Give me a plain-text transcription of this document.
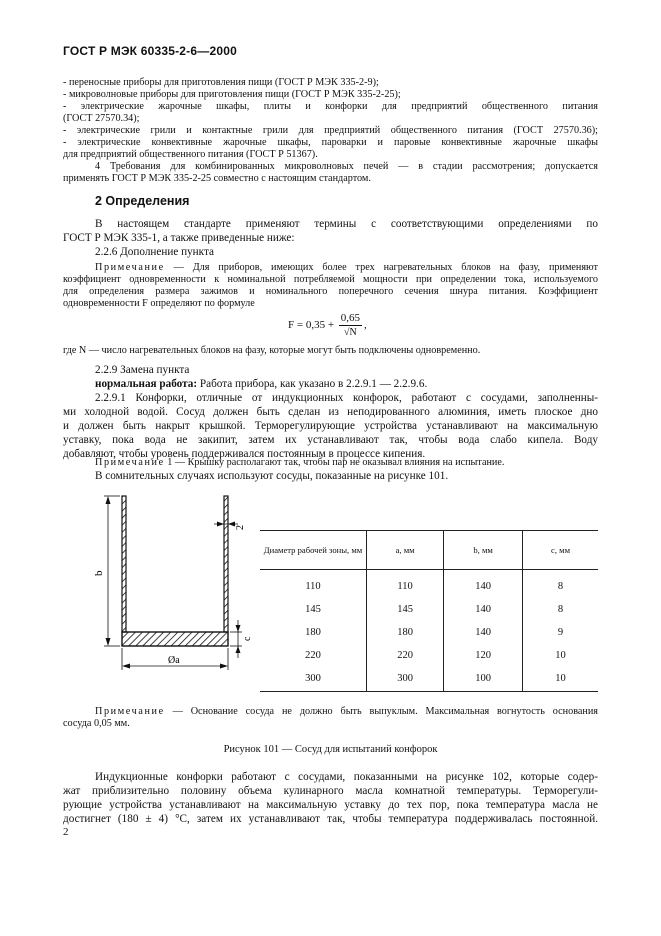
ГОСТ Р МЭК 60335-2-6—2000
- переносные приборы для приготовления пищи (ГОСТ Р МЭК 335-2-9);
- микроволновые приборы для приготовления пищи (ГОСТ Р МЭК 335-2-25);
- электрические жарочные шкафы, плиты и конфорки для предприятий общественного питания
(ГОСТ 27570.34);
- электрические грили и контактные грили для предприятий общественного питания (ГОСТ 27570.36);
- электрические конвективные жарочные шкафы, пароварки и паровые конвективные жарочные шкафы
для предприятий общественного питания (ГОСТ Р 51367).
4 Требования для комбинированных микроволновых печей — в стадии рассмотрения; допускается
применять ГОСТ Р МЭК 335-2-25 совместно с настоящим стандартом.
2 Определения
В настоящем стандарте применяют термины с соответствующими определениями по
ГОСТ Р МЭК 335-1, а также приведенные ниже:
2.2.6 Дополнение пункта
Примечание — Для приборов, имеющих более трех нагревательных блоков на фазу, применяют
коэффициент одновременности к номинальной потребляемой мощности при определении тока, используемого
для определения размера зажимов и номинального поперечного сечения шнура питания. Коэффициент
одновременности F определяют по формуле
$F = 0,35 + \frac{0,65}{√N}$ ,
где N — число нагревательных блоков на фазу, которые могут быть подключены одновременно.
2.2.9 Замена пункта
нормальная работа: Работа прибора, как указано в 2.2.9.1 — 2.2.9.6.
2.2.9.1 Конфорки, отличные от индукционных конфорок, работают с сосудами, заполненны-
ми холодной водой. Сосуд должен быть сделан из неподированного алюминия, иметь плоское дно
и должен быть накрыт крышкой. Терморегулирующие устройства устанавливают на максимальную
уставку, пока вода не закипит, затем их устанавливают так, чтобы вода слабо кипела. Воду
добавляют, чтобы уровень поддерживался постоянным в процессе кипения.
Примечание 1 — Крышку располагают так, чтобы пар не оказывал влияния на испытание.
В сомнительных случаях используют сосуды, показанные на рисунке 101.
b
2
c
Øa
Диаметр рабочей зоны, мм	a, мм	b, мм	c, мм
110	110	140	8
145	145	140	8
180	180	140	9
220	220	120	10
300	300	100	10
Примечание — Основание сосуда не должно быть выпуклым. Максимальная вогнутость основания
сосуда 0,05 мм.
Рисунок 101 — Сосуд для испытаний конфорок
Индукционные конфорки работают с сосудами, показанными на рисунке 102, которые содер-
жат приблизительно половину объема кулинарного масла комнатной температуры. Терморегули-
рующие устройства устанавливают на максимальную уставку до тех пор, пока температура масла не
достигнет (180 ± 4) °С, затем их устанавливают так, чтобы температура поддерживалась постоянной.
2
